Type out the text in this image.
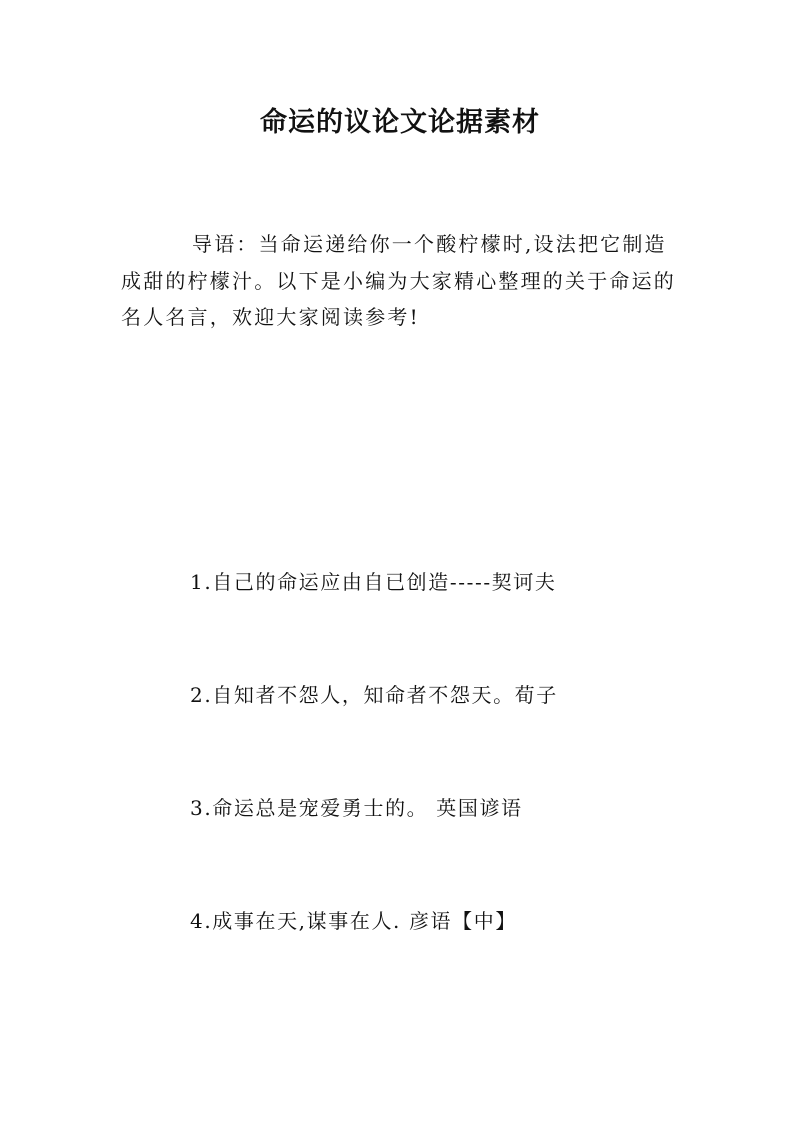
命运的议论文论据素材
导语：当命运递给你一个酸柠檬时,设法把它制造成甜的柠檬汁。以下是小编为大家精心整理的关于命运的名人名言，欢迎大家阅读参考!
1.自己的命运应由自已创造-----契诃夫
2.自知者不怨人，知命者不怨天。荀子
3.命运总是宠爱勇士的。 英国谚语
4.成事在天,谋事在人. 彦语【中】
